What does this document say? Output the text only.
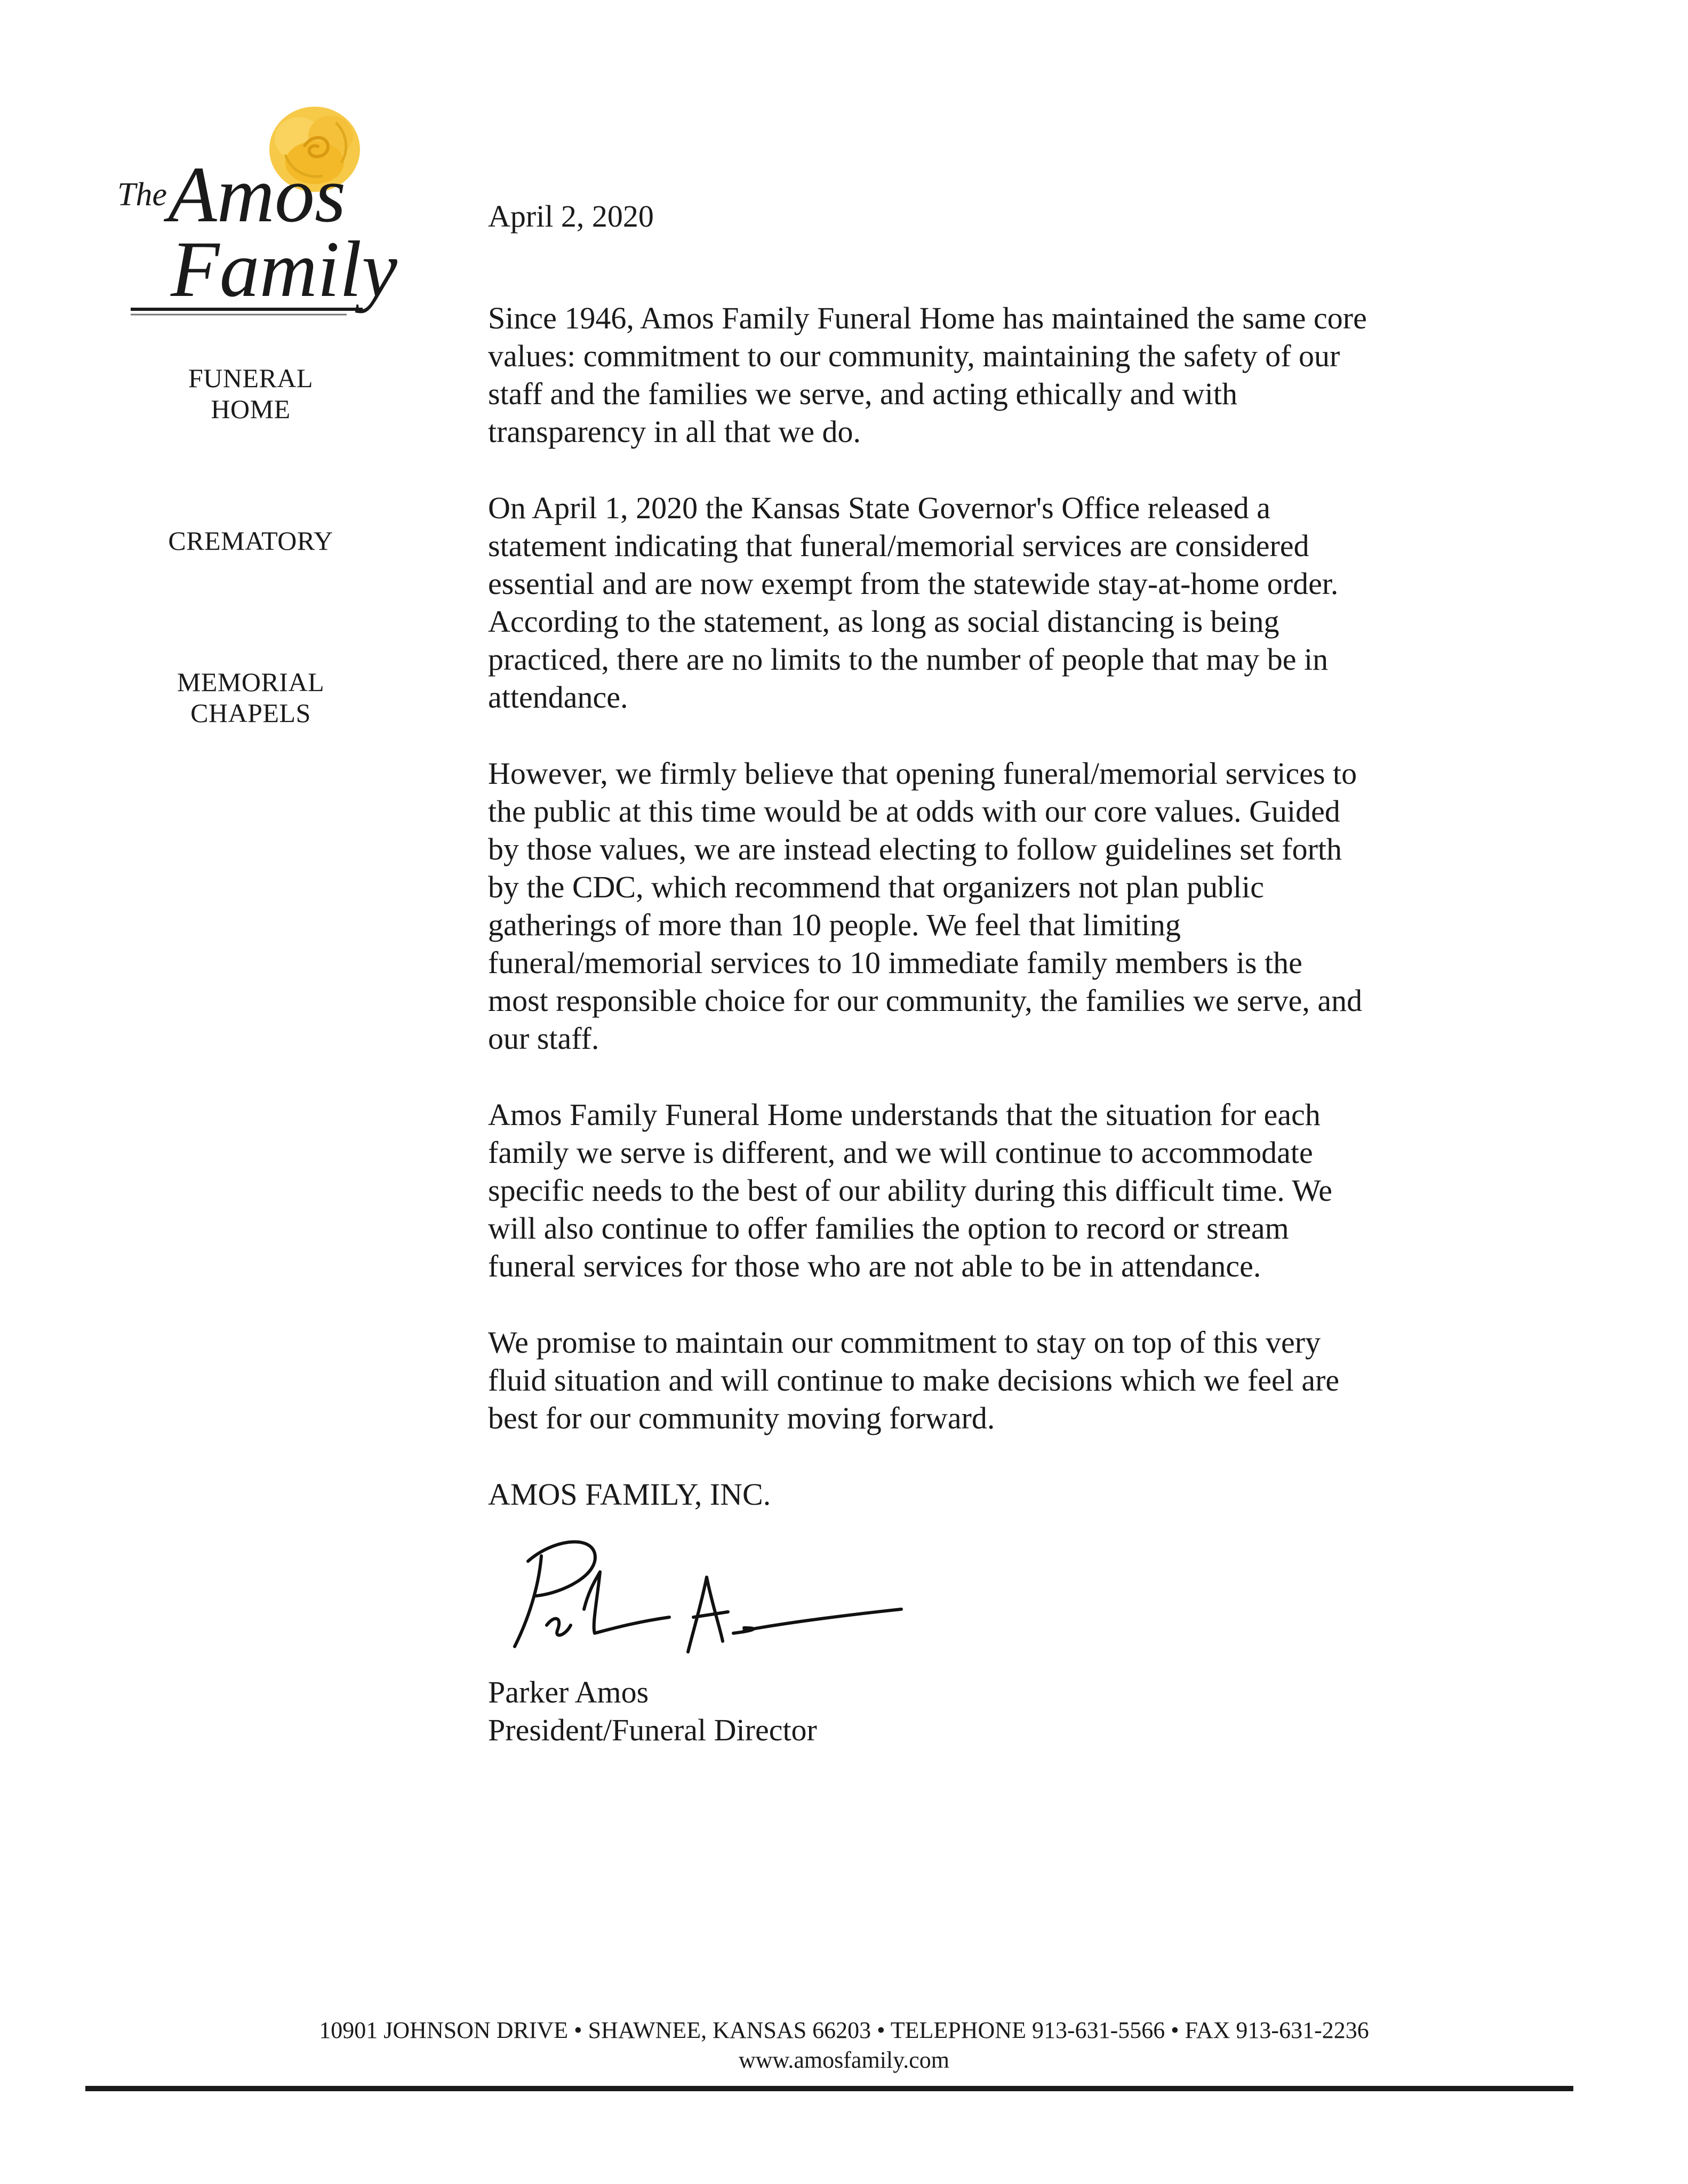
The Amos
Family
FUNERAL
HOME
CREMATORY
MEMORIAL
CHAPELS
April 2, 2020
Since 1946, Amos Family Funeral Home has maintained the same core
values: commitment to our community, maintaining the safety of our
staff and the families we serve, and acting ethically and with
transparency in all that we do.
On April 1, 2020 the Kansas State Governor's Office released a
statement indicating that funeral/memorial services are considered
essential and are now exempt from the statewide stay-at-home order.
According to the statement, as long as social distancing is being
practiced, there are no limits to the number of people that may be in
attendance.
However, we firmly believe that opening funeral/memorial services to
the public at this time would be at odds with our core values. Guided
by those values, we are instead electing to follow guidelines set forth
by the CDC, which recommend that organizers not plan public
gatherings of more than 10 people. We feel that limiting
funeral/memorial services to 10 immediate family members is the
most responsible choice for our community, the families we serve, and
our staff.
Amos Family Funeral Home understands that the situation for each
family we serve is different, and we will continue to accommodate
specific needs to the best of our ability during this difficult time. We
will also continue to offer families the option to record or stream
funeral services for those who are not able to be in attendance.
We promise to maintain our commitment to stay on top of this very
fluid situation and will continue to make decisions which we feel are
best for our community moving forward.
AMOS FAMILY, INC.
Parker Amos
President/Funeral Director
10901 JOHNSON DRIVE • SHAWNEE, KANSAS 66203 • TELEPHONE 913-631-5566 • FAX 913-631-2236
www.amosfamily.com
